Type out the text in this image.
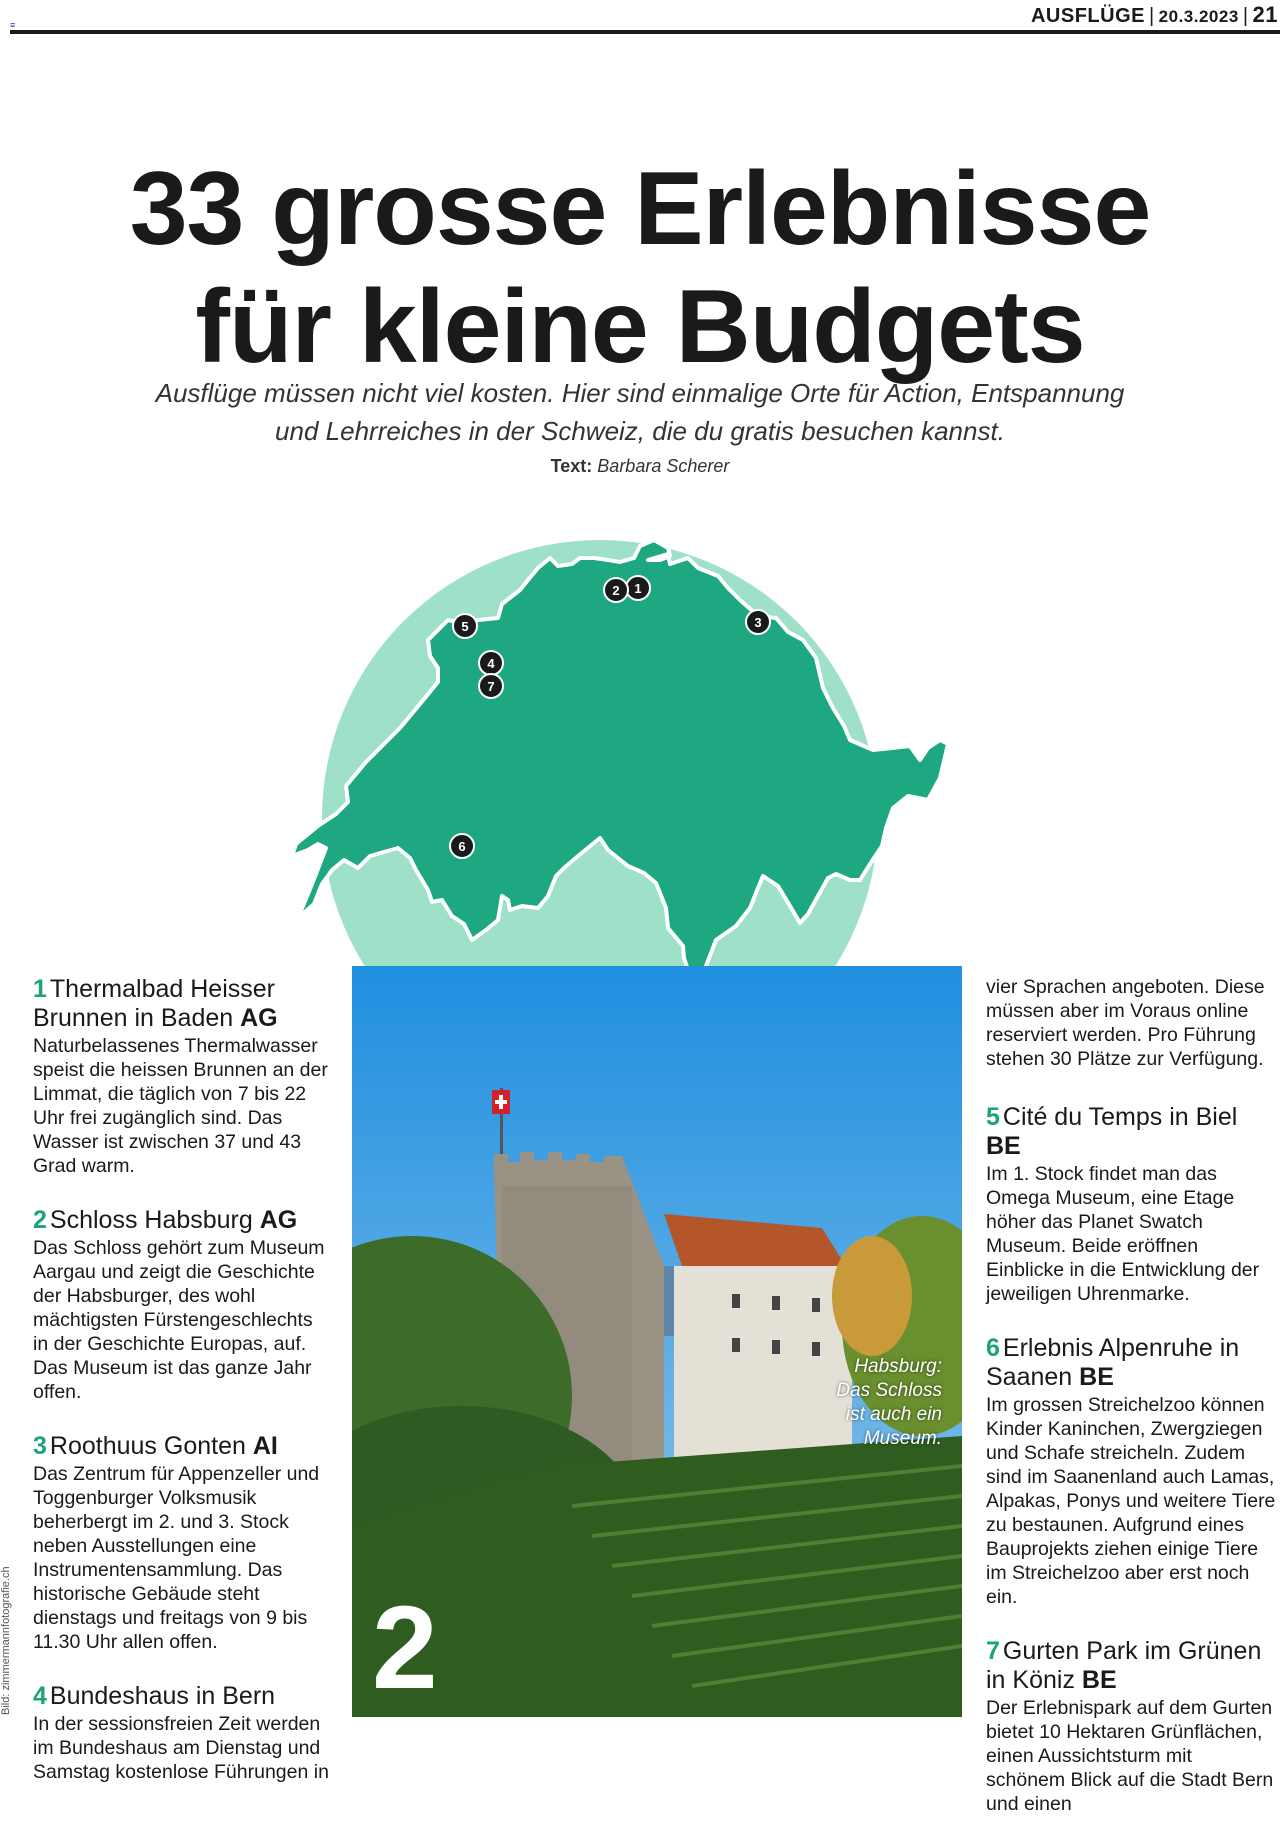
≡	AUSFLÜGE | 20.3.2023 | 21
33 grosse Erlebnisse
für kleine Budgets

Ausflüge müssen nicht viel kosten. Hier sind einmalige Orte für Action, Entspannung
und Lehrreiches in der Schweiz, die du gratis besuchen kannst.

Text: Barbara Scherer
1
2
3
4
5
6
7
Habsburg:
Das Schloss
ist auch ein
Museum.
2
1 Thermalbad Heisser Brunnen in Baden AG

Naturbelassenes Thermalwasser speist die heissen Brunnen an der Limmat, die täglich von 7 bis 22 Uhr frei zugänglich sind. Das Wasser ist zwischen 37 und 43 Grad warm.

2 Schloss Habsburg AG

Das Schloss gehört zum Museum Aargau und zeigt die Geschichte der Habsburger, des wohl mächtigsten Fürstengeschlechts in der Geschichte Europas, auf. Das Museum ist das ganze Jahr offen.

3 Roothuus Gonten AI

Das Zentrum für Appenzeller und Toggenburger Volksmusik beherbergt im 2. und 3. Stock neben Ausstellungen eine Instrumentensammlung. Das historische Gebäude steht dienstags und freitags von 9 bis 11.30 Uhr allen offen.

4 Bundeshaus in Bern

In der sessionsfreien Zeit werden im Bundeshaus am Dienstag und Samstag kostenlose Führungen in

vier Sprachen angeboten. Diese müssen aber im Voraus online reserviert werden. Pro Führung stehen 30 Plätze zur Verfügung.

5 Cité du Temps in Biel BE

Im 1. Stock findet man das Omega Museum, eine Etage höher das Planet Swatch Museum. Beide eröffnen Einblicke in die Entwicklung der jeweiligen Uhrenmarke.

6 Erlebnis Alpenruhe in Saanen BE

Im grossen Streichelzoo können Kinder Kaninchen, Zwergziegen und Schafe streicheln. Zudem sind im Saanenland auch Lamas, Alpakas, Ponys und weitere Tiere zu bestaunen. Aufgrund eines Bauprojekts ziehen einige Tiere im Streichelzoo aber erst noch ein.

7 Gurten Park im Grünen in Köniz BE

Der Erlebnispark auf dem Gurten bietet 10 Hektaren Grünflächen, einen Aussichtsturm mit schönem Blick auf die Stadt Bern und einen

Bild: zimmermannfotografie.ch
